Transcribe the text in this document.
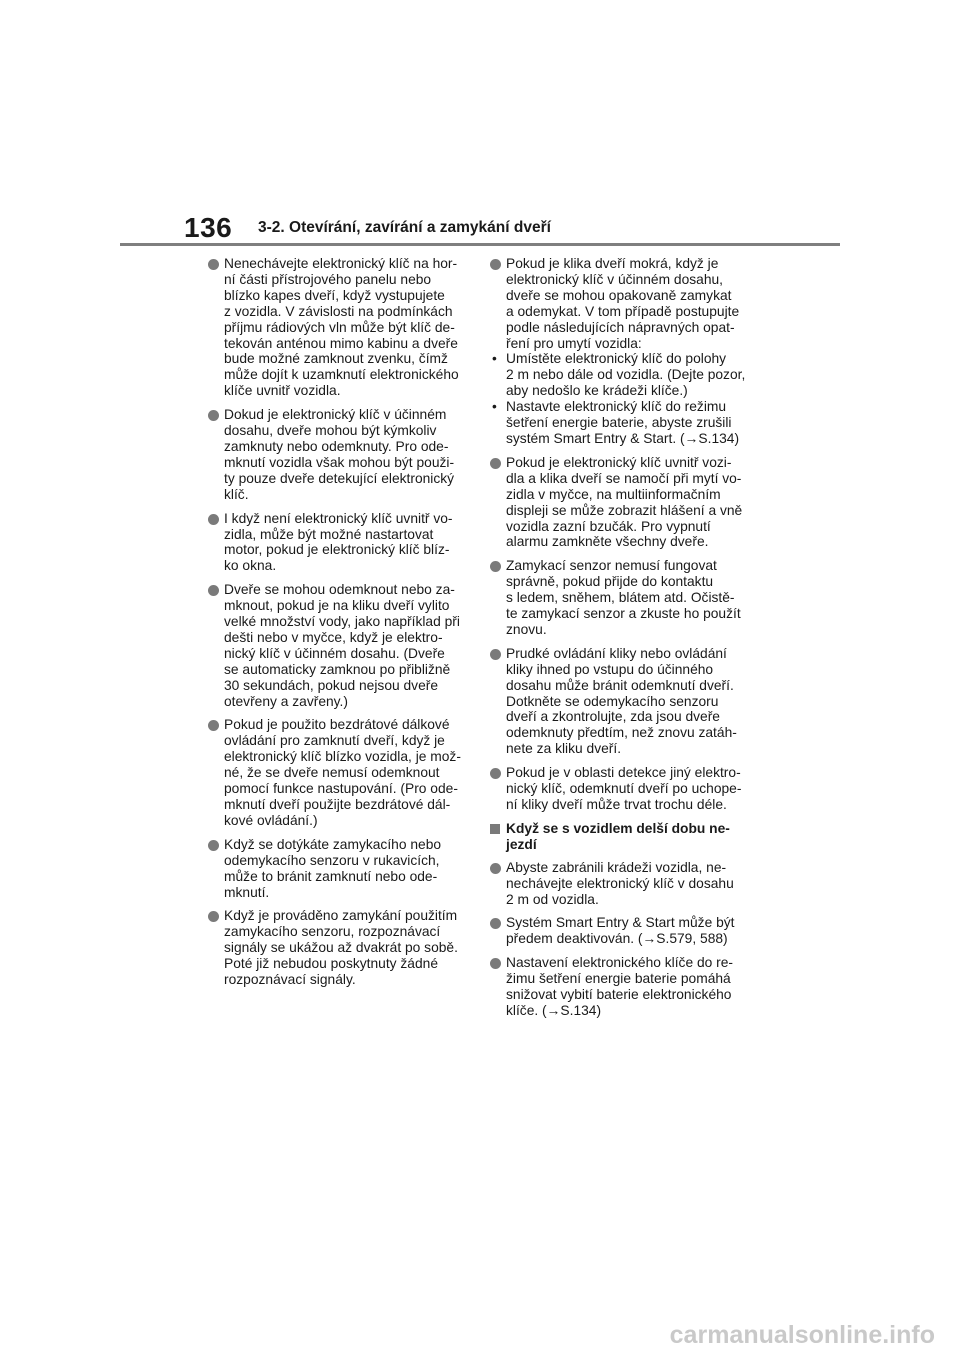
136 3-2. Otevírání, zavírání a zamykání dveří
Nenechávejte elektronický klíč na hor-
ní části přístrojového panelu nebo
blízko kapes dveří, když vystupujete
z vozidla. V závislosti na podmínkách
příjmu rádiových vln může být klíč de-
tekován anténou mimo kabinu a dveře
bude možné zamknout zvenku, čímž
může dojít k uzamknutí elektronického
klíče uvnitř vozidla.
Dokud je elektronický klíč v účinném
dosahu, dveře mohou být kýmkoliv
zamknuty nebo odemknuty. Pro ode-
mknutí vozidla však mohou být použi-
ty pouze dveře detekující elektronický
klíč.
I když není elektronický klíč uvnitř vo-
zidla, může být možné nastartovat
motor, pokud je elektronický klíč blíz-
ko okna.
Dveře se mohou odemknout nebo za-
mknout, pokud je na kliku dveří vylito
velké množství vody, jako například při
dešti nebo v myčce, když je elektro-
nický klíč v účinném dosahu. (Dveře
se automaticky zamknou po přibližně
30 sekundách, pokud nejsou dveře
otevřeny a zavřeny.)
Pokud je použito bezdrátové dálkové
ovládání pro zamknutí dveří, když je
elektronický klíč blízko vozidla, je mož-
né, že se dveře nemusí odemknout
pomocí funkce nastupování. (Pro ode-
mknutí dveří použijte bezdrátové dál-
kové ovládání.)
Když se dotýkáte zamykacího nebo
odemykacího senzoru v rukavicích,
může to bránit zamknutí nebo ode-
mknutí.
Když je prováděno zamykání použitím
zamykacího senzoru, rozpoznávací
signály se ukážou až dvakrát po sobě.
Poté již nebudou poskytnuty žádné
rozpoznávací signály.
Pokud je klika dveří mokrá, když je
elektronický klíč v účinném dosahu,
dveře se mohou opakovaně zamykat
a odemykat. V tom případě postupujte
podle následujících nápravných opat-
ření pro umytí vozidla:
• Umístěte elektronický klíč do polohy
2 m nebo dále od vozidla. (Dejte pozor,
aby nedošlo ke krádeži klíče.)
• Nastavte elektronický klíč do režimu
šetření energie baterie, abyste zrušili
systém Smart Entry & Start. (→S.134)
Pokud je elektronický klíč uvnitř vozi-
dla a klika dveří se namočí při mytí vo-
zidla v myčce, na multiinformačním
displeji se může zobrazit hlášení a vně
vozidla zazní bzučák. Pro vypnutí
alarmu zamkněte všechny dveře.
Zamykací senzor nemusí fungovat
správně, pokud přijde do kontaktu
s ledem, sněhem, blátem atd. Očistě-
te zamykací senzor a zkuste ho použít
znovu.
Prudké ovládání kliky nebo ovládání
kliky ihned po vstupu do účinného
dosahu může bránit odemknutí dveří.
Dotkněte se odemykacího senzoru
dveří a zkontrolujte, zda jsou dveře
odemknuty předtím, než znovu zatáh-
nete za kliku dveří.
Pokud je v oblasti detekce jiný elektro-
nický klíč, odemknutí dveří po uchope-
ní kliky dveří může trvat trochu déle.
Když se s vozidlem delší dobu ne- jezdí
Abyste zabránili krádeži vozidla, ne-
nechávejte elektronický klíč v dosahu
2 m od vozidla.
Systém Smart Entry & Start může být
předem deaktivován. (→S.579, 588)
Nastavení elektronického klíče do re-
žimu šetření energie baterie pomáhá
snižovat vybití baterie elektronického
klíče. (→S.134)
carmanualsonline.info
